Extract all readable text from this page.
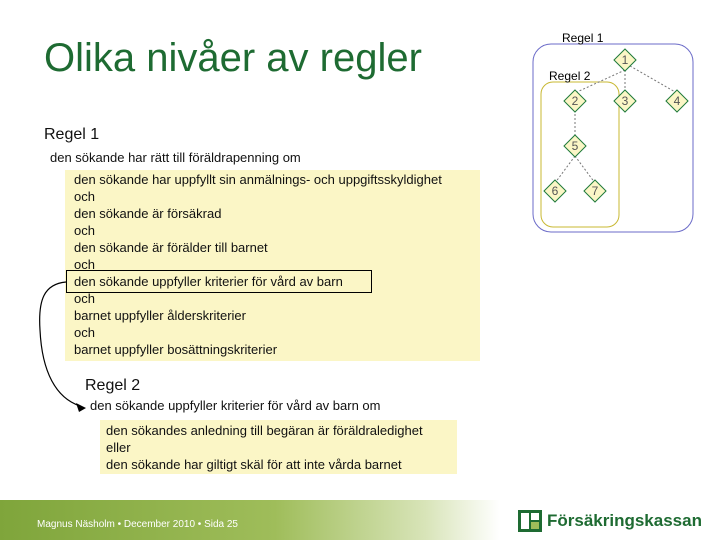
Olika nivåer av regler
Regel 1
den sökande har rätt till föräldrapenning om
den sökande har uppfyllt sin anmälnings- och uppgiftsskyldighet
och
den sökande är försäkrad
och
den sökande är förälder till barnet
och
den sökande uppfyller kriterier för vård av barn
och
barnet uppfyller ålderskriterier
och
barnet uppfyller bosättningskriterier
Regel 2
den sökande uppfyller kriterier för vård av barn om
den sökandes anledning till begäran är föräldraledighet
eller
den sökande har giltigt skäl för att inte vårda barnet
Regel 1
Regel 2
1
2	3	4
5
6	7
Magnus Näsholm • December 2010 • Sida 25	Försäkringskassan
